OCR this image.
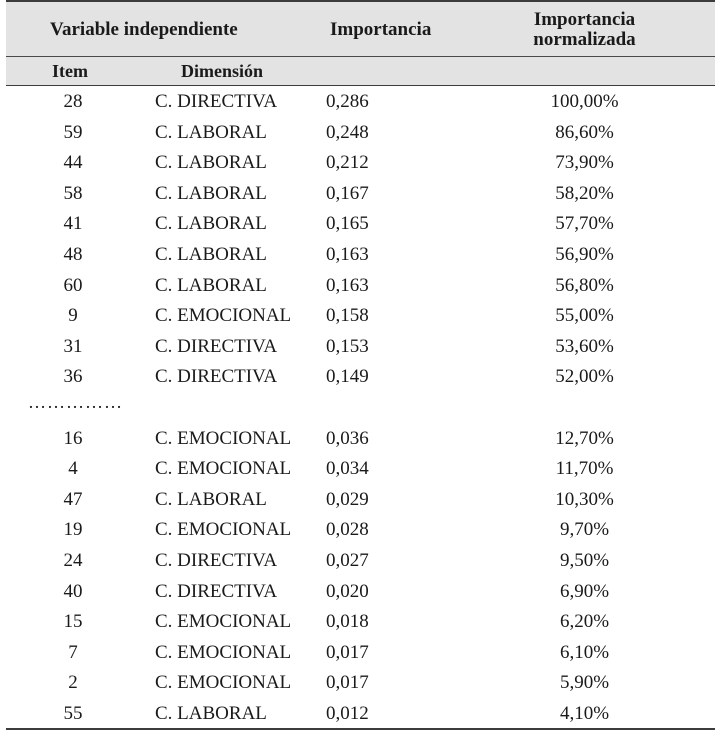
Variable independiente	Importancia	Importancia
normalizada
Item	Dimensión
28	C. DIRECTIVA	0,286	100,00%
59	C. LABORAL	0,248	86,60%
44	C. LABORAL	0,212	73,90%
58	C. LABORAL	0,167	58,20%
41	C. LABORAL	0,165	57,70%
48	C. LABORAL	0,163	56,90%
60	C. LABORAL	0,163	56,80%
9	C. EMOCIONAL 0,158	55,00%
31	C. DIRECTIVA	0,153	53,60%
36	C. DIRECTIVA	0,149	52,00%
……………
16	C. EMOCIONAL 0,036	12,70%
4	C. EMOCIONAL 0,034	11,70%
47	C. LABORAL	0,029	10,30%
19	C. EMOCIONAL 0,028	9,70%
24	C. DIRECTIVA	0,027	9,50%
40	C. DIRECTIVA	0,020	6,90%
15	C. EMOCIONAL 0,018	6,20%
7	C. EMOCIONAL 0,017	6,10%
2	C. EMOCIONAL 0,017	5,90%
55	C. LABORAL	0,012	4,10%
